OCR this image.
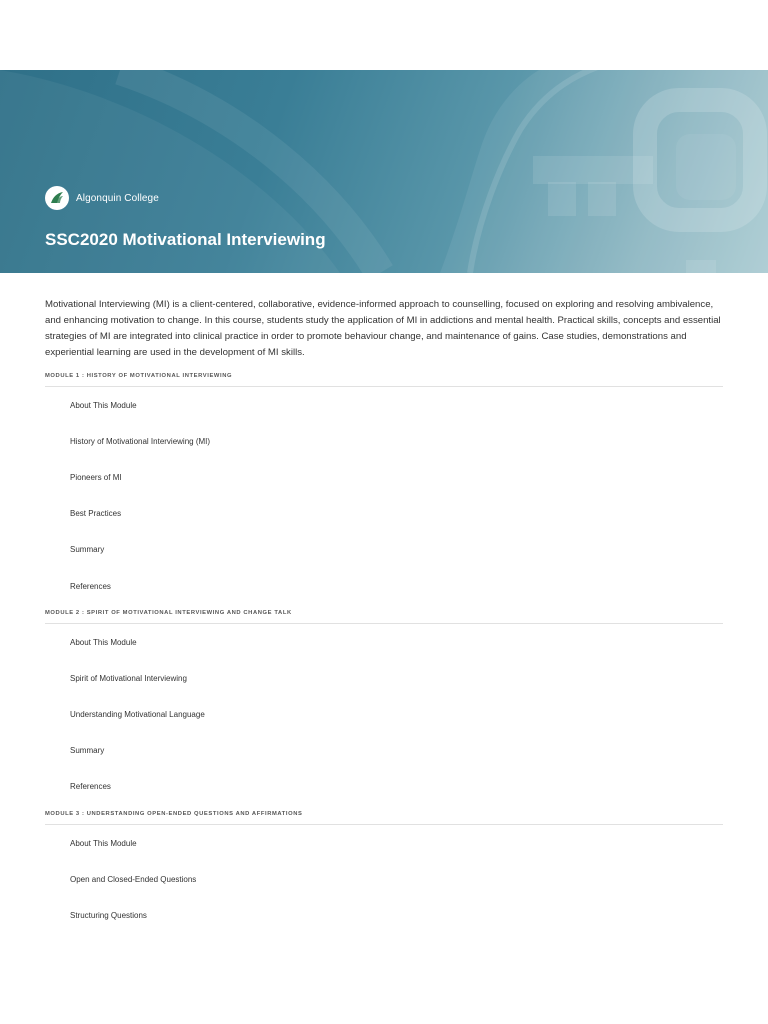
Algonquin College
SSC2020 Motivational Interviewing

Motivational Interviewing (MI) is a client-centered, collaborative, evidence-informed approach to counselling, focused on exploring and resolving ambivalence, and enhancing motivation to change. In this course, students study the application of MI in addictions and mental health. Practical skills, concepts and essential strategies of MI are integrated into clinical practice in order to promote behaviour change, and maintenance of gains. Case studies, demonstrations and experiential learning are used in the development of MI skills.

MODULE 1 : HISTORY OF MOTIVATIONAL INTERVIEWING
About This Module
History of Motivational Interviewing (MI)
Pioneers of MI
Best Practices
Summary
References
MODULE 2 : SPIRIT OF MOTIVATIONAL INTERVIEWING AND CHANGE TALK
About This Module
Spirit of Motivational Interviewing
Understanding Motivational Language
Summary
References
MODULE 3 : UNDERSTANDING OPEN-ENDED QUESTIONS AND AFFIRMATIONS
About This Module
Open and Closed-Ended Questions
Structuring Questions
